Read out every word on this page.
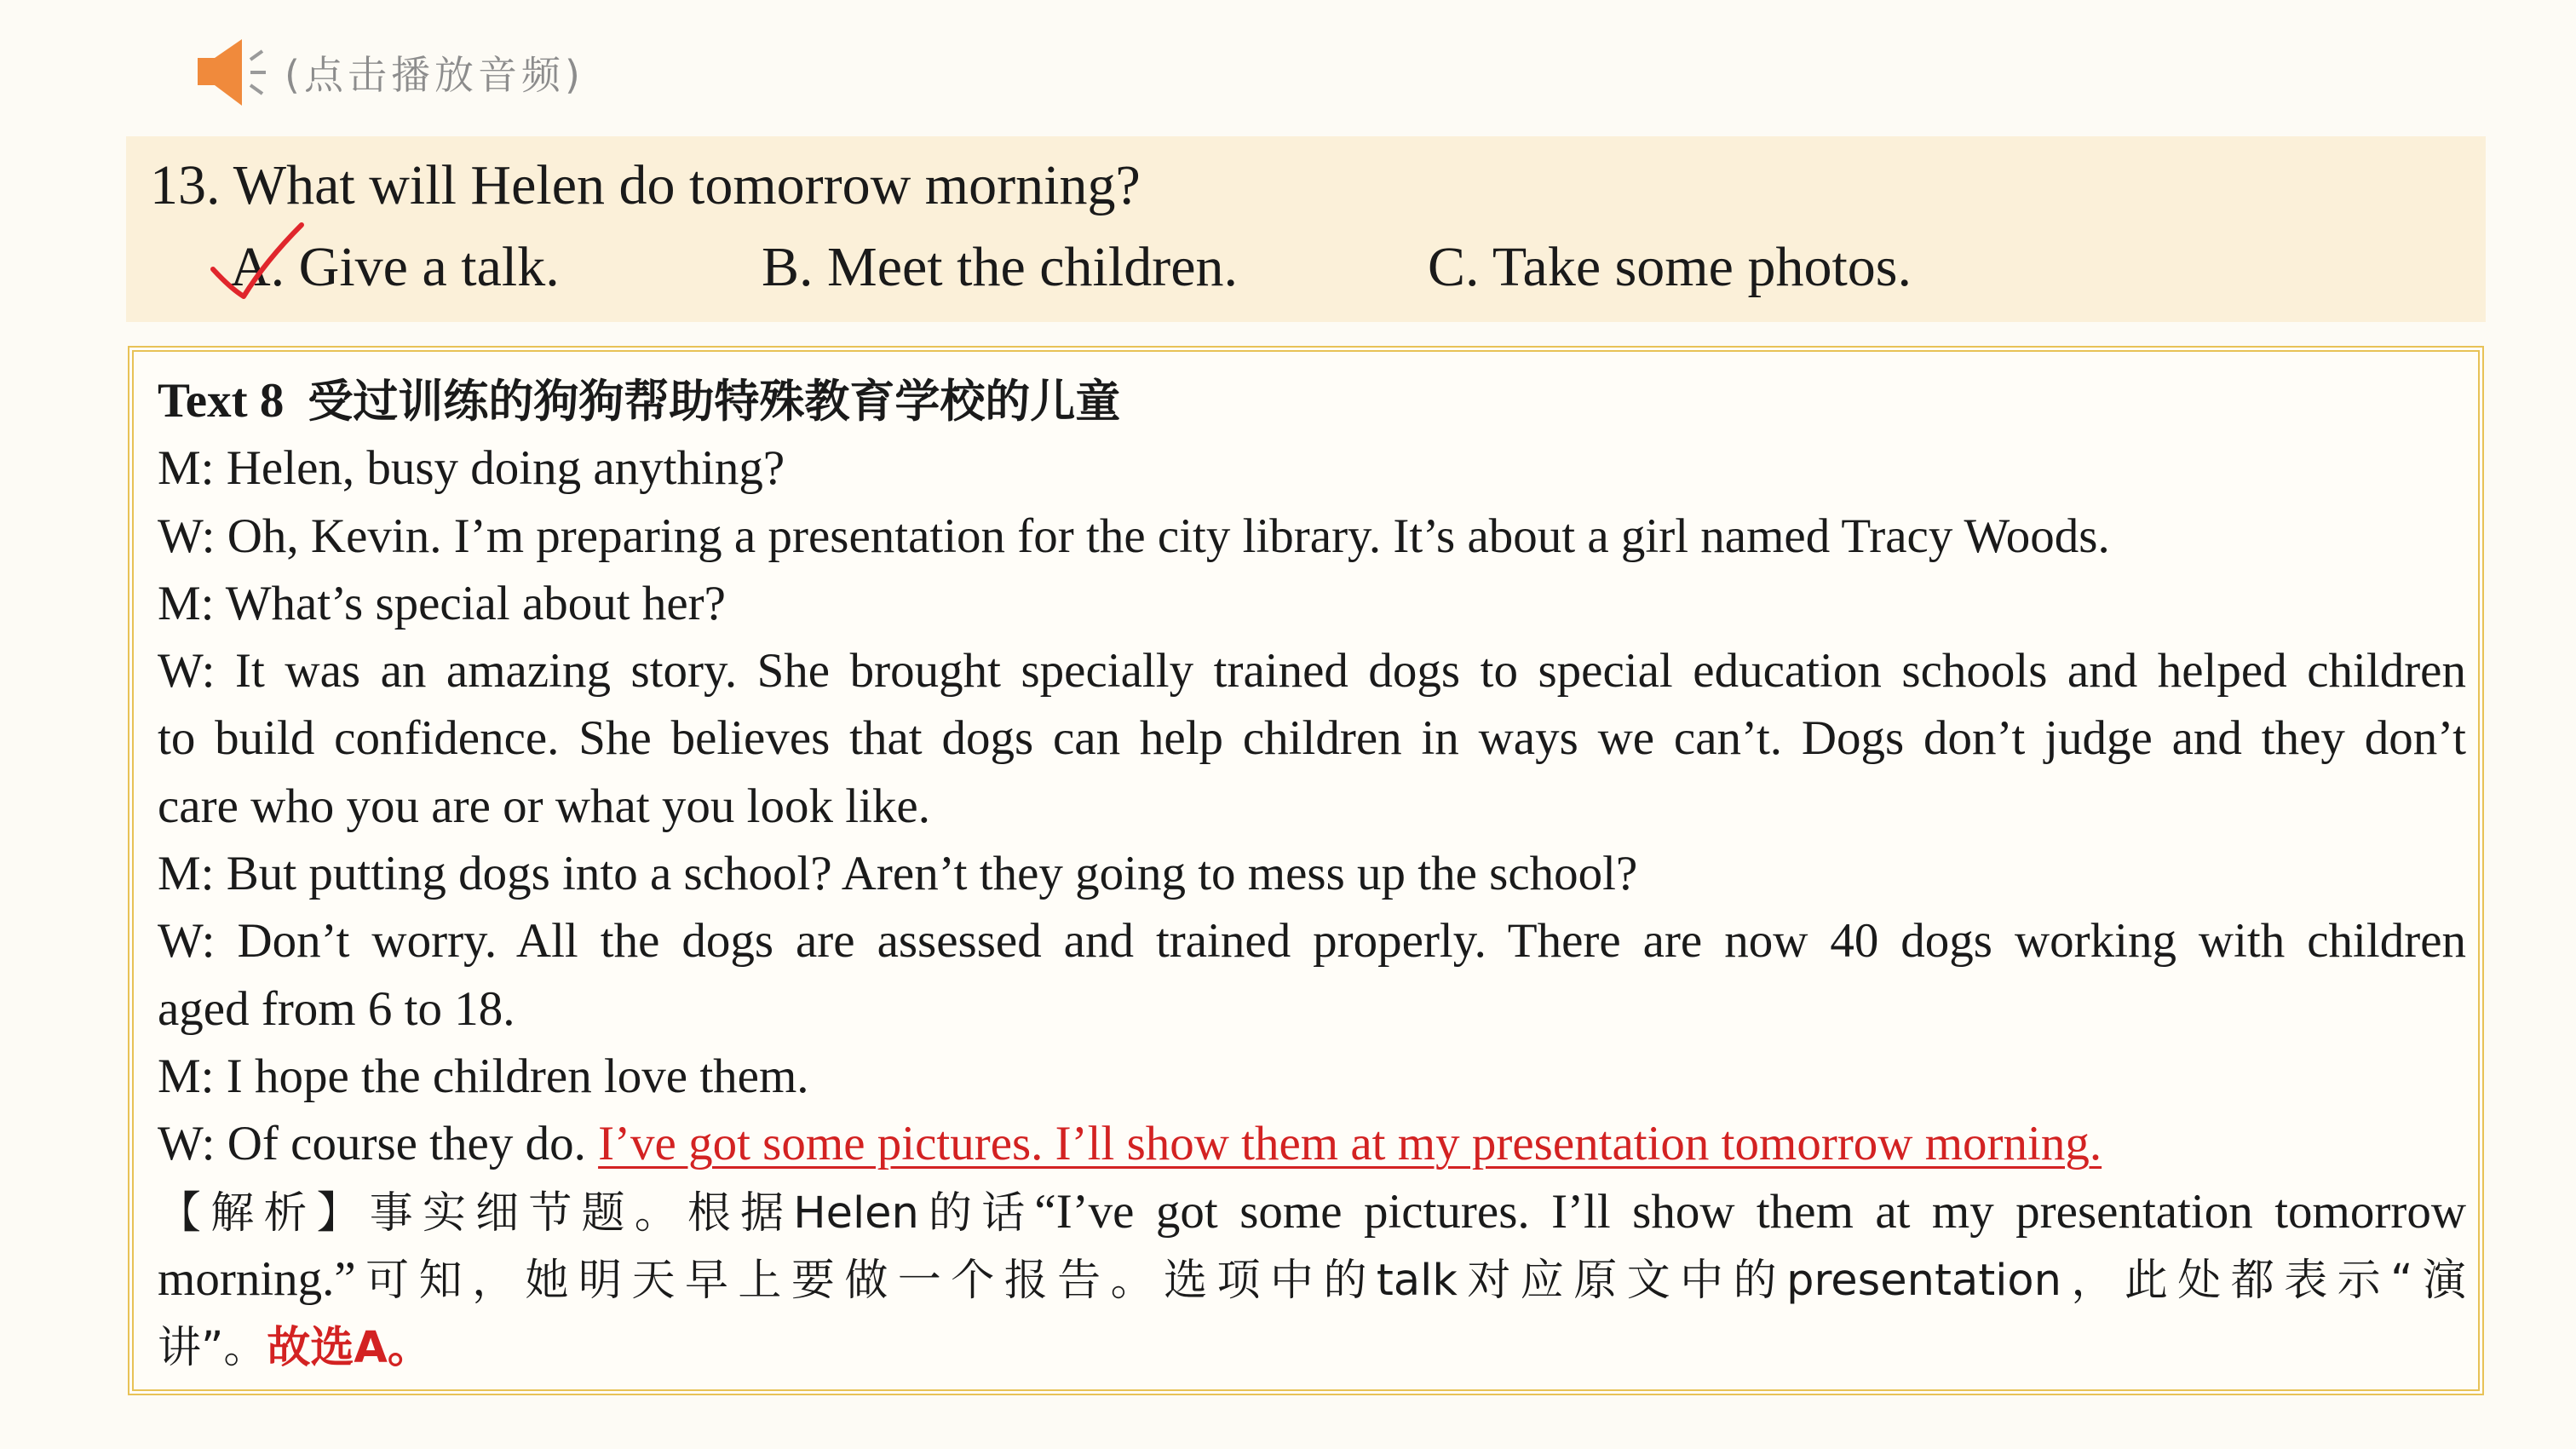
(点击播放音频)
13. What will Helen do tomorrow morning?
A. Give a talk.	B. Meet the children.	C. Take some photos.
Text 8 受过训练的狗狗帮助特殊教育学校的儿童
M: Helen, busy doing anything?
W: Oh, Kevin. I’m preparing a presentation for the city library. It’s about a girl named Tracy Woods.
M: What’s special about her?
W: It was an amazing story. She brought specially trained dogs to special education schools and helped children
to build confidence. She believes that dogs can help children in ways we can’t. Dogs don’t judge and they don’t
care who you are or what you look like.
M: But putting dogs into a school? Aren’t they going to mess up the school?
W: Don’t worry. All the dogs are assessed and trained properly. There are now 40 dogs working with children
aged from 6 to 18.
M: I hope the children love them.
W: Of course they do. I’ve got some pictures. I’ll show them at my presentation tomorrow morning.
【解析】事实细节题。根据Helen的话“I’ve got some pictures. I’ll show them at my presentation tomorrow
morning.”可知，她明天早上要做一个报告。选项中的talk对应原文中的presentation，此处都表示“演
讲”。故选A。
